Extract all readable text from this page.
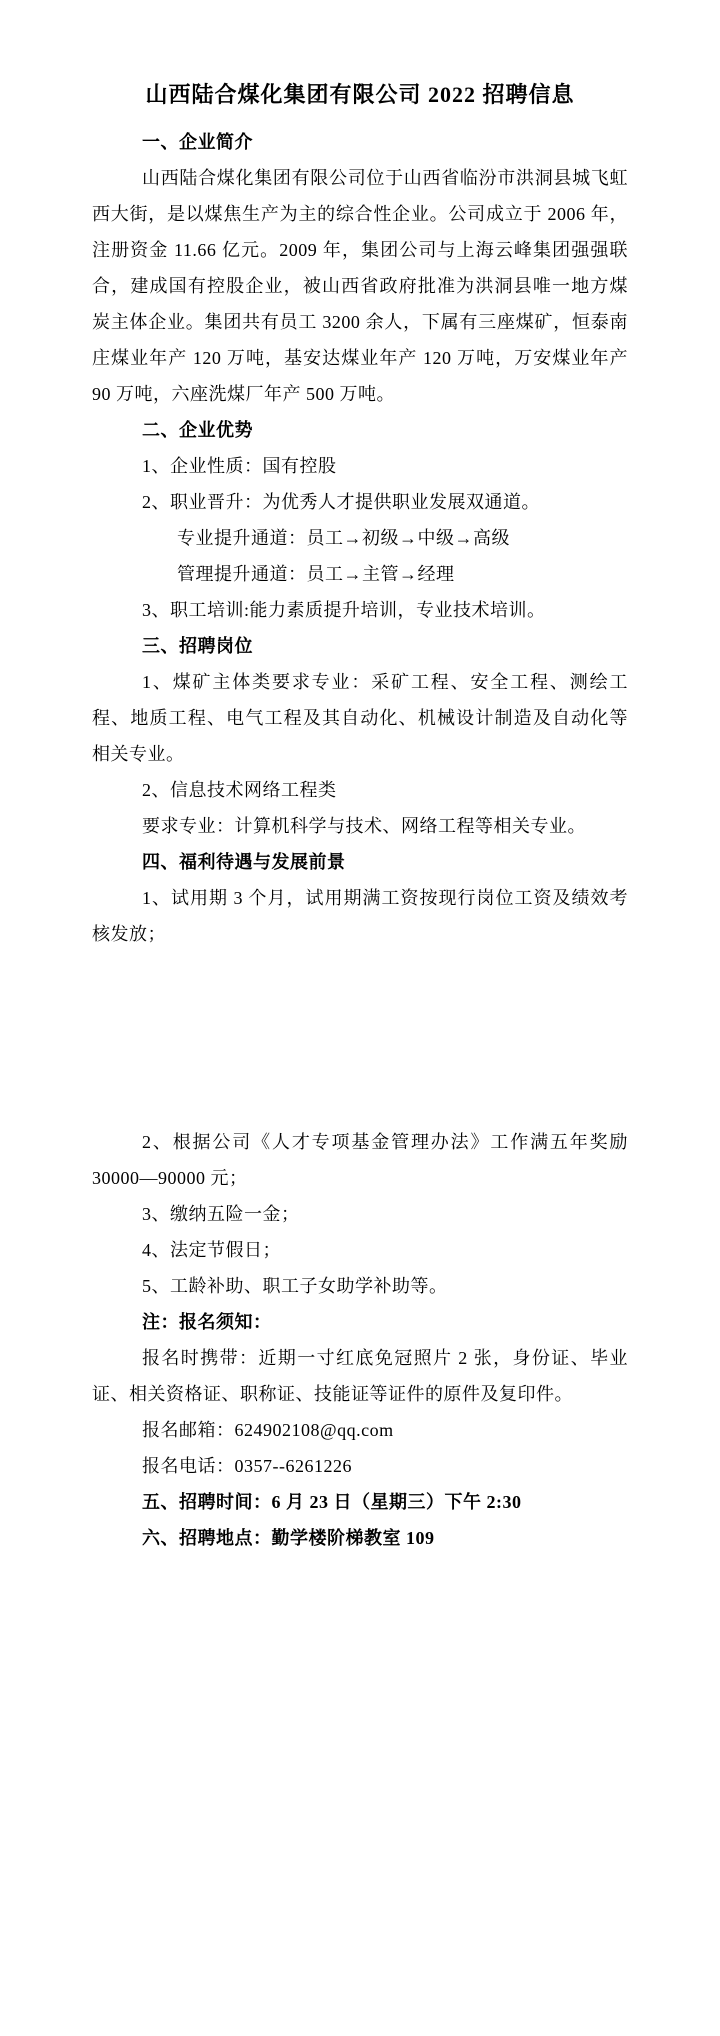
山西陆合煤化集团有限公司 2022 招聘信息

一、企业简介

山西陆合煤化集团有限公司位于山西省临汾市洪洞县城飞虹西大街，是以煤焦生产为主的综合性企业。公司成立于 2006 年，注册资金 11.66 亿元。2009 年，集团公司与上海云峰集团强强联合，建成国有控股企业，被山西省政府批准为洪洞县唯一地方煤炭主体企业。集团共有员工 3200 余人，下属有三座煤矿，恒泰南庄煤业年产 120 万吨，基安达煤业年产 120 万吨，万安煤业年产 90 万吨，六座洗煤厂年产 500 万吨。

二、企业优势

1、企业性质：国有控股

2、职业晋升：为优秀人才提供职业发展双通道。

专业提升通道：员工→初级→中级→高级

管理提升通道：员工→主管→经理

3、职工培训:能力素质提升培训，专业技术培训。

三、招聘岗位

1、煤矿主体类要求专业：采矿工程、安全工程、测绘工程、地质工程、电气工程及其自动化、机械设计制造及自动化等相关专业。

2、信息技术网络工程类

要求专业：计算机科学与技术、网络工程等相关专业。

四、福利待遇与发展前景

1、试用期 3 个月，试用期满工资按现行岗位工资及绩效考核发放；

2、根据公司《人才专项基金管理办法》工作满五年奖励 30000—90000 元；

3、缴纳五险一金；

4、法定节假日；

5、工龄补助、职工子女助学补助等。

注：报名须知：

报名时携带：近期一寸红底免冠照片 2 张，身份证、毕业证、相关资格证、职称证、技能证等证件的原件及复印件。

报名邮箱：624902108@qq.com

报名电话：0357--6261226

五、招聘时间：6 月 23 日（星期三）下午 2:30

六、招聘地点：勤学楼阶梯教室 109
